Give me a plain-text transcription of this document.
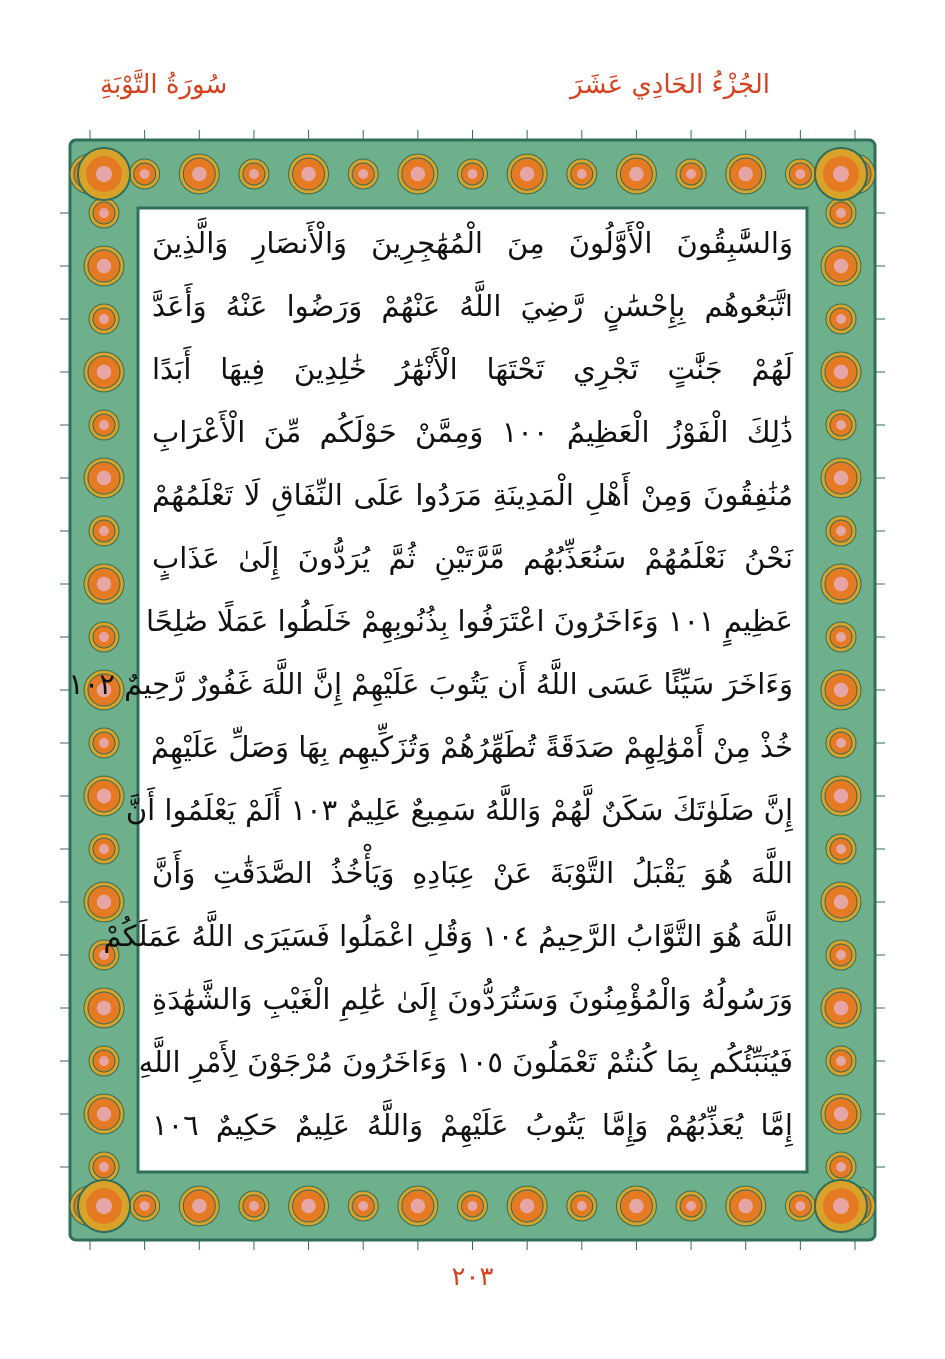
الجُزْءُ الحَادِي عَشَرَ
سُورَةُ التَّوْبَةِ
وَالسَّٰبِقُونَ الْأَوَّلُونَ مِنَ الْمُهَٰجِرِينَ وَالْأَنصَارِ وَالَّذِينَ
اتَّبَعُوهُم بِإِحْسَٰنٍ رَّضِيَ اللَّهُ عَنْهُمْ وَرَضُوا عَنْهُ وَأَعَدَّ
لَهُمْ جَنَّٰتٍ تَجْرِي تَحْتَهَا الْأَنْهَٰرُ خَٰلِدِينَ فِيهَا أَبَدًا
ذَٰلِكَ الْفَوْزُ الْعَظِيمُ ١٠٠ وَمِمَّنْ حَوْلَكُم مِّنَ الْأَعْرَابِ
مُنَٰفِقُونَ وَمِنْ أَهْلِ الْمَدِينَةِ مَرَدُوا عَلَى النِّفَاقِ لَا تَعْلَمُهُمْ
نَحْنُ نَعْلَمُهُمْ سَنُعَذِّبُهُم مَّرَّتَيْنِ ثُمَّ يُرَدُّونَ إِلَىٰ عَذَابٍ
عَظِيمٍ ١٠١ وَءَاخَرُونَ اعْتَرَفُوا بِذُنُوبِهِمْ خَلَطُوا عَمَلًا صَٰلِحًا
وَءَاخَرَ سَيِّئًا عَسَى اللَّهُ أَن يَتُوبَ عَلَيْهِمْ إِنَّ اللَّهَ غَفُورٌ رَّحِيمٌ ١٠٢
خُذْ مِنْ أَمْوَٰلِهِمْ صَدَقَةً تُطَهِّرُهُمْ وَتُزَكِّيهِم بِهَا وَصَلِّ عَلَيْهِمْ
إِنَّ صَلَوٰتَكَ سَكَنٌ لَّهُمْ وَاللَّهُ سَمِيعٌ عَلِيمٌ ١٠٣ أَلَمْ يَعْلَمُوا أَنَّ
اللَّهَ هُوَ يَقْبَلُ التَّوْبَةَ عَنْ عِبَادِهِ وَيَأْخُذُ الصَّدَقَٰتِ وَأَنَّ
اللَّهَ هُوَ التَّوَّابُ الرَّحِيمُ ١٠٤ وَقُلِ اعْمَلُوا فَسَيَرَى اللَّهُ عَمَلَكُمْ
وَرَسُولُهُ وَالْمُؤْمِنُونَ وَسَتُرَدُّونَ إِلَىٰ عَٰلِمِ الْغَيْبِ وَالشَّهَٰدَةِ
فَيُنَبِّئُكُم بِمَا كُنتُمْ تَعْمَلُونَ ١٠٥ وَءَاخَرُونَ مُرْجَوْنَ لِأَمْرِ اللَّهِ
إِمَّا يُعَذِّبُهُمْ وَإِمَّا يَتُوبُ عَلَيْهِمْ وَاللَّهُ عَلِيمٌ حَكِيمٌ ١٠٦
٢٠٣
